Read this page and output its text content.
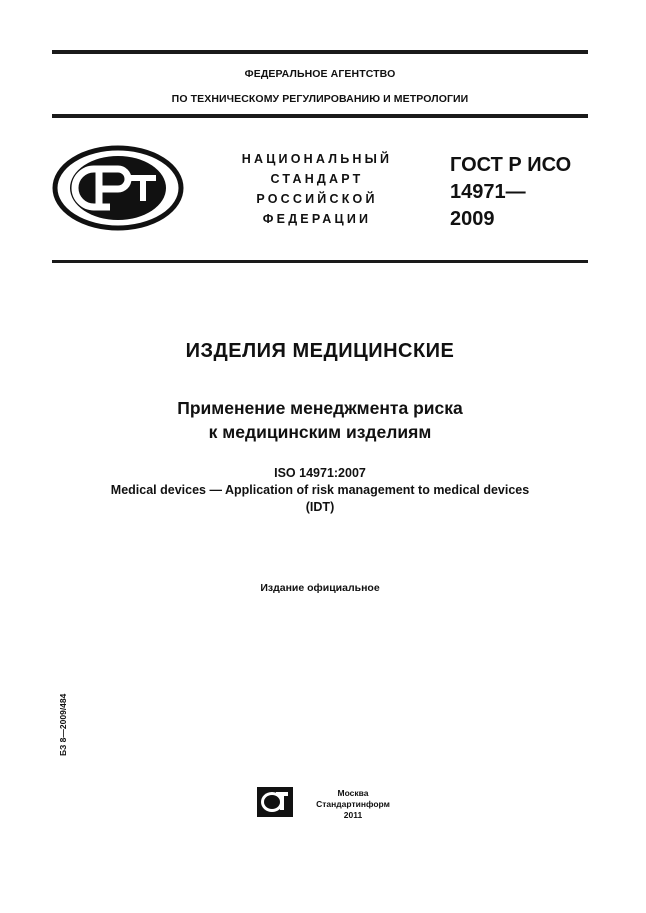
ФЕДЕРАЛЬНОЕ АГЕНТСТВО
ПО ТЕХНИЧЕСКОМУ РЕГУЛИРОВАНИЮ И МЕТРОЛОГИИ
НАЦИОНАЛЬНЫЙ
СТАНДАРТ
РОССИЙСКОЙ
ФЕДЕРАЦИИ
ГОСТ Р ИСО
14971—
2009
ИЗДЕЛИЯ МЕДИЦИНСКИЕ
Применение менеджмента риска
к медицинским изделиям
ISO 14971:2007
Medical devices — Application of risk management to medical devices
(IDT)
Издание официальное
БЗ 8—2009/484
Москва
Стандартинформ
2011
